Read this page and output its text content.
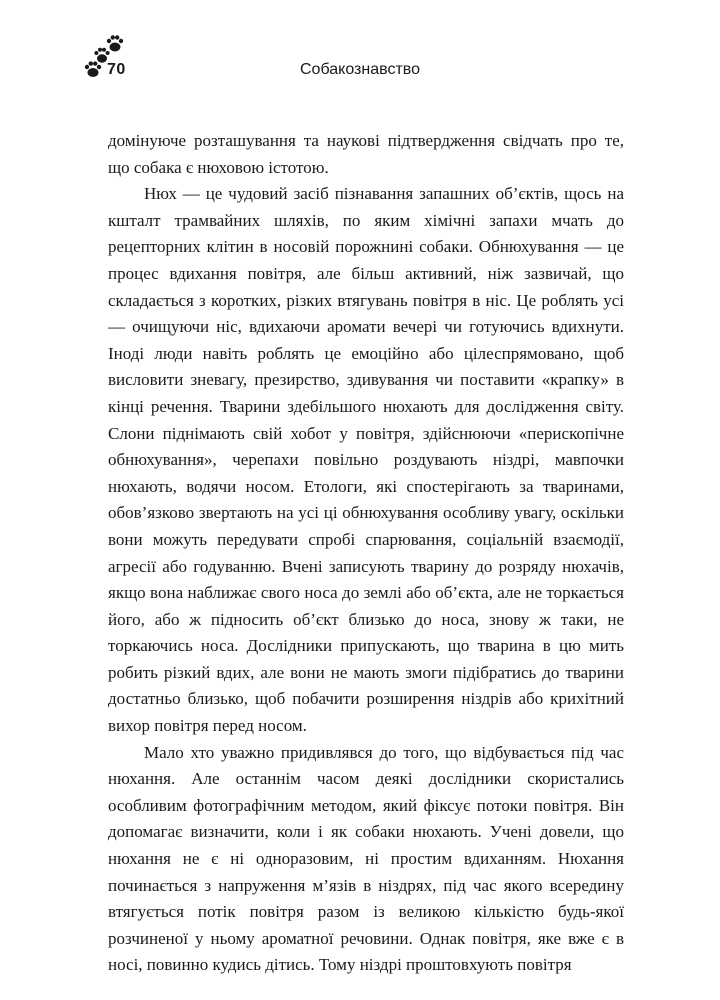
70	Собакознавство

домінуюче розташування та наукові підтвердження свідчать про те, що собака є нюховою істотою.

Нюх — це чудовий засіб пізнавання запашних об’єктів, щось на кшталт трамвайних шляхів, по яким хімічні запахи мчать до рецепторних клітин в носовій порожнині собаки. Обнюхування — це процес вдихання повітря, але більш активний, ніж зазвичай, що складається з коротких, різких втягувань повітря в ніс. Це роблять усі — очищуючи ніс, вдихаючи аромати вечері чи готуючись вдихнути. Іноді люди навіть роблять це емоційно або цілеспрямовано, щоб висловити зневагу, презирство, здивування чи поставити «крапку» в кінці речення. Тварини здебільшого нюхають для дослідження світу. Слони піднімають свій хобот у повітря, здійснюючи «перископічне обнюхування», черепахи повільно роздувають ніздрі, мавпочки нюхають, водячи носом. Етологи, які спостерігають за тваринами, обов’язково звертають на усі ці обнюхування особливу увагу, оскільки вони можуть передувати спробі спарювання, соціальній взаємодії, агресії або годуванню. Вчені записують тварину до розряду нюхачів, якщо вона наближає свого носа до землі або об’єкта, але не торкається його, або ж підносить об’єкт близько до носа, знову ж таки, не торкаючись носа. Дослідники припускають, що тварина в цю мить робить різкий вдих, але вони не мають змоги підібратись до тварини достатньо близько, щоб побачити розширення ніздрів або крихітний вихор повітря перед носом.

Мало хто уважно придивлявся до того, що відбувається під час нюхання. Але останнім часом деякі дослідники скористались особливим фотографічним методом, який фіксує потоки повітря. Він допомагає визначити, коли і як собаки нюхають. Учені довели, що нюхання не є ні одноразовим, ні простим вдиханням. Нюхання починається з напруження м’язів в ніздрях, під час якого всередину втягується потік повітря разом із великою кількістю будь-якої розчиненої у ньому ароматної речовини. Однак повітря, яке вже є в носі, повинно кудись дітись. Тому ніздрі проштовхують повітря
